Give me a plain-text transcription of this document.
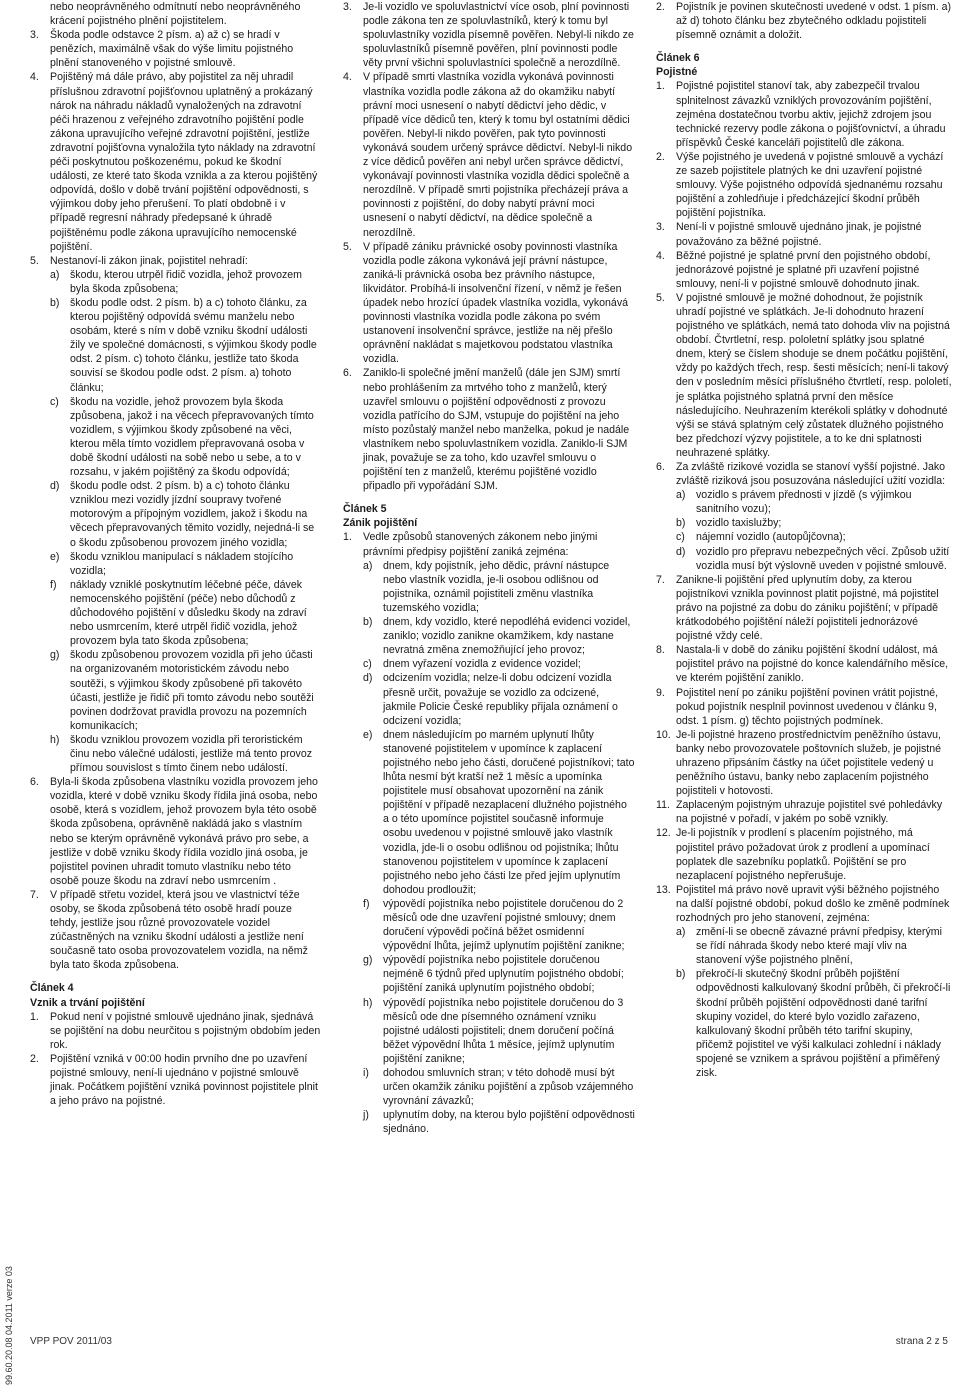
nebo neoprávněného odmítnutí nebo neoprávněného krácení pojistného plnění pojistitelem.
3.	Škoda podle odstavce 2 písm. a) až c) se hradí v penězích, maximálně však do výše limitu pojistného plnění stanoveného v pojistné smlouvě.
4.	Pojištěný má dále právo, aby pojistitel za něj uhradil příslušnou zdravotní pojišťovnou uplatněný a prokázaný nárok na náhradu nákladů vynaložených na zdravotní péči hrazenou z veřejného zdravotního pojištění podle zákona upravujícího veřejné zdravotní pojištění, jestliže zdravotní pojišťovna vynaložila tyto náklady na zdravotní péči poskytnutou poškozenému, pokud ke škodní události, ze které tato škoda vznikla a za kterou pojištěný odpovídá, došlo v době trvání pojištění odpovědnosti, s výjimkou doby jeho přerušení. To platí obdobně i v případě regresní náhrady předepsané k úhradě pojištěnému podle zákona upravujícího nemocenské pojištění.
5.	Nestanoví-li zákon jinak, pojistitel nehradí:
a) škodu, kterou utrpěl řidič vozidla, jehož provozem byla škoda způsobena;
b) škodu podle odst. 2 písm. b) a c) tohoto článku, za kterou pojištěný odpovídá svému manželu nebo osobám, které s ním v době vzniku škodní události žily ve společné domácnosti, s výjimkou škody podle odst. 2 písm. c) tohoto článku, jestliže tato škoda souvisí se škodou podle odst. 2 písm. a) tohoto článku;
c)	škodu na vozidle, jehož provozem byla škoda způsobena, jakož i na věcech přepravovaných tímto vozidlem, s výjimkou škody způsobené na věci, kterou měla tímto vozidlem přepravovaná osoba v době škodní události na sobě nebo u sebe, a to v rozsahu, v jakém pojištěný za škodu odpovídá;
d) škodu podle odst. 2 písm. b) a c) tohoto článku vzniklou mezi vozidly jízdní soupravy tvořené motorovým a přípojným vozidlem, jakož i škodu na věcech přepravovaných těmito vozidly, nejedná-li se o škodu způsobenou provozem jiného vozidla;
e) škodu vzniklou manipulací s nákladem stojícího vozidla;
f)	náklady vzniklé poskytnutím léčebné péče, dávek nemocenského pojištění (péče) nebo důchodů z důchodového pojištění v důsledku škody na zdraví nebo usmrcením, které utrpěl řidič vozidla, jehož provozem byla tato škoda způsobena;
g) škodu způsobenou provozem vozidla při jeho účasti na organizovaném motoristickém závodu nebo soutěži, s výjimkou škody způsobené při takovéto účasti, jestliže je řidič při tomto závodu nebo soutěži povinen dodržovat pravidla provozu na pozemních komunikacích;
h) škodu vzniklou provozem vozidla při teroristickém činu nebo válečné události, jestliže má tento provoz přímou souvislost s tímto činem nebo událostí.
6.	Byla-li škoda způsobena vlastníku vozidla provozem jeho vozidla, které v době vzniku škody řídila jiná osoba, nebo osobě, která s vozidlem, jehož provozem byla této osobě škoda způsobena, oprávněně nakládá jako s vlastním nebo se kterým oprávněně vykonává právo pro sebe, a jestliže v době vzniku škody řídila vozidlo jiná osoba, je pojistitel povinen uhradit tomuto vlastníku nebo této osobě pouze škodu na zdraví nebo usmrcením .
7.	V případě střetu vozidel, která jsou ve vlastnictví téže osoby, se škoda způsobená této osobě hradí pouze tehdy, jestliže jsou různé provozovatele vozidel zúčastněných na vzniku škodní události a jestliže není současně tato osoba provozovatelem vozidla, na němž byla tato škoda způsobena.
Článek 4
Vznik a trvání pojištění
1.	Pokud není v pojistné smlouvě ujednáno jinak, sjednává se pojištění na dobu neurčitou s pojistným obdobím jeden rok.
2.	Pojištění vzniká v 00:00 hodin prvního dne po uzavření pojistné smlouvy, není-li ujednáno v pojistné smlouvě jinak. Počátkem pojištění vzniká povinnost pojistitele plnit a jeho právo na pojistné.
3.	Je-li vozidlo ve spoluvlastnictví více osob, plní povinnosti podle zákona ten ze spoluvlastníků, který k tomu byl spoluvlastníky vozidla písemně pověřen. Nebyl-li nikdo ze spoluvlastníků písemně pověřen, plní povinnosti podle věty první všichni spoluvlastníci společně a nerozdílně.
4.	V případě smrti vlastníka vozidla vykonává povinnosti vlastníka vozidla podle zákona až do okamžiku nabytí právní moci usnesení o nabytí dědictví jeho dědic, v případě více dědiců ten, který k tomu byl ostatními dědici pověřen. Nebyl-li nikdo pověřen, pak tyto povinnosti vykonává soudem určený správce dědictví. Nebyl-li nikdo z více dědiců pověřen ani nebyl určen správce dědictví, vykonávají povinnosti vlastníka vozidla dědici společně a nerozdílně. V případě smrti pojistníka přecházejí práva a povinnosti z pojištění, do doby nabytí právní moci usnesení o nabytí dědictví, na dědice společně a nerozdílně.
5.	V případě zániku právnické osoby povinnosti vlastníka vozidla podle zákona vykonává její právní nástupce, zaniká-li právnická osoba bez právního nástupce, likvidátor. Probíhá-li insolvenční řízení, v němž je řešen úpadek nebo hrozící úpadek vlastníka vozidla, vykonává povinnosti vlastníka vozidla podle zákona po svém ustanovení insolvenční správce, jestliže na něj přešlo oprávnění nakládat s majetkovou podstatou vlastníka vozidla.
6.	Zaniklo-li společné jmění manželů (dále jen SJM) smrtí nebo prohlášením za mrtvého toho z manželů, který uzavřel smlouvu o pojištění odpovědnosti z provozu vozidla patřícího do SJM, vstupuje do pojištění na jeho místo pozůstalý manžel nebo manželka, pokud je nadále vlastníkem nebo spoluvlastníkem vozidla. Zaniklo-li SJM jinak, považuje se za toho, kdo uzavřel smlouvu o pojištění ten z manželů, kterému pojištěné vozidlo připadlo při vypořádání SJM.
Článek 5
Zánik pojištění
1.	Vedle způsobů stanovených zákonem nebo jinými právními předpisy pojištění zaniká zejména:
a) dnem, kdy pojistník, jeho dědic, právní nástupce nebo vlastník vozidla, je-li osobou odlišnou od pojistníka, oznámil pojistiteli změnu vlastníka tuzemského vozidla;
b) dnem, kdy vozidlo, které nepodléhá evidenci vozidel, zaniklo; vozidlo zanikne okamžikem, kdy nastane nevratná změna znemožňující jeho provoz;
c)	dnem vyřazení vozidla z evidence vozidel;
d) odcizením vozidla; nelze-li dobu odcizení vozidla přesně určit, považuje se vozidlo za odcizené, jakmile Policie České republiky přijala oznámení o odcizení vozidla;
e) dnem následujícím po marném uplynutí lhůty stanovené pojistitelem v upomínce k zaplacení pojistného nebo jeho části, doručené pojistníkovi; tato lhůta nesmí být kratší než 1 měsíc a upomínka pojistitele musí obsahovat upozornění na zánik pojištění v případě nezaplacení dlužného pojistného a o této upomínce pojistitel současně informuje osobu uvedenou v pojistné smlouvě jako vlastník vozidla, jde-li o osobu odlišnou od pojistníka; lhůtu stanovenou pojistitelem v upomínce k zaplacení pojistného nebo jeho části lze před jejím uplynutím dohodou prodloužit;
f)	výpovědí pojistníka nebo pojistitele doručenou do 2 měsíců ode dne uzavření pojistné smlouvy; dnem doručení výpovědi počíná běžet osmidenní výpovědní lhůta, jejímž uplynutím pojištění zanikne;
g) výpovědí pojistníka nebo pojistitele doručenou nejméně 6 týdnů před uplynutím pojistného období; pojištění zaniká uplynutím pojistného období;
h) výpovědí pojistníka nebo pojistitele doručenou do 3 měsíců ode dne písemného oznámení vzniku pojistné události pojistiteli; dnem doručení počíná běžet výpovědní lhůta 1 měsíce, jejímž uplynutím pojištění zanikne;
i)	dohodou smluvních stran; v této dohodě musí být určen okamžik zániku pojištění a způsob vzájemného vyrovnání závazků;
j)	uplynutím doby, na kterou bylo pojištění odpovědnosti sjednáno.
2.	Pojistník je povinen skutečnosti uvedené v odst. 1 písm. a) až d) tohoto článku bez zbytečného odkladu pojistiteli písemně oznámit a doložit.
Článek 6
Pojistné
1.	Pojistné pojistitel stanoví tak, aby zabezpečil trvalou splnitelnost závazků vzniklých provozováním pojištění, zejména dostatečnou tvorbu aktiv, jejichž zdrojem jsou technické rezervy podle zákona o pojišťovnictví, a úhradu příspěvků České kanceláři pojistitelů dle zákona.
2.	Výše pojistného je uvedená v pojistné smlouvě a vychází ze sazeb pojistitele platných ke dni uzavření pojistné smlouvy. Výše pojistného odpovídá sjednanému rozsahu pojištění a zohledňuje i předcházející škodní průběh pojištění pojistníka.
3.	Není-li v pojistné smlouvě ujednáno jinak, je pojistné považováno za běžné pojistné.
4.	Běžné pojistné je splatné první den pojistného období, jednorázové pojistné je splatné při uzavření pojistné smlouvy, není-li v pojistné smlouvě dohodnuto jinak.
5.	V pojistné smlouvě je možné dohodnout, že pojistník uhradí pojistné ve splátkách. Je-li dohodnuto hrazení pojistného ve splátkách, nemá tato dohoda vliv na pojistná období. Čtvrtletní, resp. pololetní splátky jsou splatné dnem, který se číslem shoduje se dnem počátku pojištění, vždy po každých třech, resp. šesti měsících; není-li takový den v posledním měsíci příslušného čtvrtletí, resp. pololetí, je splátka pojistného splatná první den měsíce následujícího. Neuhrazením kterékoli splátky v dohodnuté výši se stává splatným celý zůstatek dlužného pojistného bez předchozí výzvy pojistitele, a to ke dni splatnosti neuhrazené splátky.
6.	Za zvláště rizikové vozidla se stanoví vyšší pojistné. Jako zvláště riziková jsou posuzována následující užití vozidla:
a) vozidlo s právem přednosti v jízdě (s výjimkou sanitního vozu);
b) vozidlo taxislužby;
c)	nájemní vozidlo (autopůjčovna);
d) vozidlo pro přepravu nebezpečných věcí. Způsob užití vozidla musí být výslovně uveden v pojistné smlouvě.
7.	Zanikne-li pojištění před uplynutím doby, za kterou pojistníkovi vznikla povinnost platit pojistné, má pojistitel právo na pojistné za dobu do zániku pojištění; v případě krátkodobého pojištění náleží pojistiteli jednorázové pojistné vždy celé.
8.	Nastala-li v době do zániku pojištění škodní událost, má pojistitel právo na pojistné do konce kalendářního měsíce, ve kterém pojištění zaniklo.
9.	Pojistitel není po zániku pojištění povinen vrátit pojistné, pokud pojistník nesplnil povinnost uvedenou v článku 9, odst. 1 písm. g) těchto pojistných podmínek.
10. Je-li pojistné hrazeno prostřednictvím peněžního ústavu, banky nebo provozovatele poštovních služeb, je pojistné uhrazeno připsáním částky na účet pojistitele vedený u peněžního ústavu, banky nebo zaplacením pojistného pojistiteli v hotovosti.
11. Zaplaceným pojistným uhrazuje pojistitel své pohledávky na pojistné v pořadí, v jakém po sobě vznikly.
12. Je-li pojistník v prodlení s placením pojistného, má pojistitel právo požadovat úrok z prodlení a upomínací poplatek dle sazebníku poplatků. Pojištění se pro nezaplacení pojistného nepřerušuje.
13. Pojistitel má právo nově upravit výši běžného pojistného na další pojistné období, pokud došlo ke změně podmínek rozhodných pro jeho stanovení, zejména:
a) změní-li se obecně závazné právní předpisy, kterými se řídí náhrada škody nebo které mají vliv na stanovení výše pojistného plnění,
b) překročí-li skutečný škodní průběh pojištění odpovědnosti kalkulovaný škodní průběh, či překročí-li škodní průběh pojištění odpovědnosti dané tarifní skupiny vozidel, do které bylo vozidlo zařazeno, kalkulovaný škodní průběh této tarifní skupiny, přičemž pojistitel ve výši kalkulaci zohlední i náklady spojené se vznikem a správou pojištění a přiměřený zisk.
99.60.20.08 04.2011 verze 03 VPP POV 2011/03	strana 2 z 5
